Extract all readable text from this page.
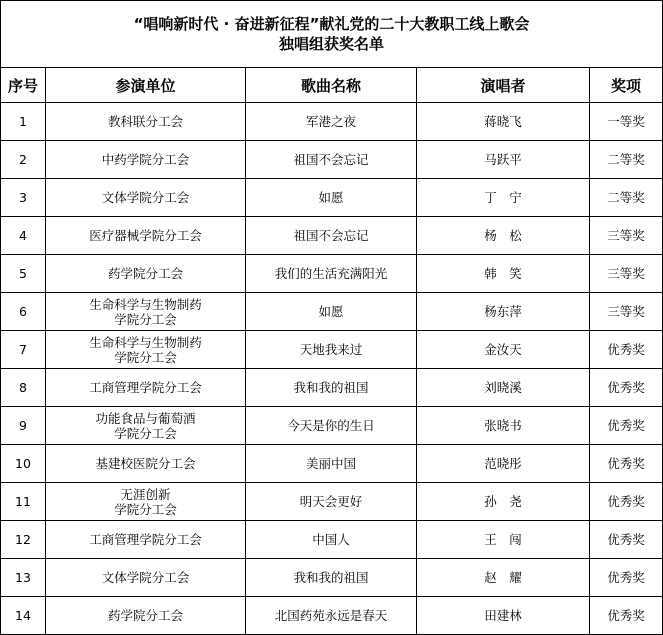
“唱响新时代 · 奋进新征程”献礼党的二十大教职工线上歌会
独唱组获奖名单				

序号	参演单位	歌曲名称	演唱者	奖项
1	教科联分工会	军港之夜	蒋晓飞	一等奖
2	中药学院分工会	祖国不会忘记	马跃平	二等奖
3	文体学院分工会	如愿	丁　宁	二等奖
4	医疗器械学院分工会	祖国不会忘记	杨　松	三等奖
5	药学院分工会	我们的生活充满阳光	韩　笑	三等奖
6	生命科学与生物制药
学院分工会	如愿	杨东萍	三等奖
7	生命科学与生物制药
学院分工会	天地我来过	金汝天	优秀奖
8	工商管理学院分工会	我和我的祖国	刘晓溪	优秀奖
9	功能食品与葡萄酒
学院分工会	今天是你的生日	张晓书	优秀奖
10	基建校医院分工会	美丽中国	范晓彤	优秀奖
11	无涯创新
学院分工会	明天会更好	孙　尧	优秀奖
12	工商管理学院分工会	中国人	王　闯	优秀奖
13	文体学院分工会	我和我的祖国	赵　耀	优秀奖
14	药学院分工会	北国药苑永远是春天	田建林	优秀奖
